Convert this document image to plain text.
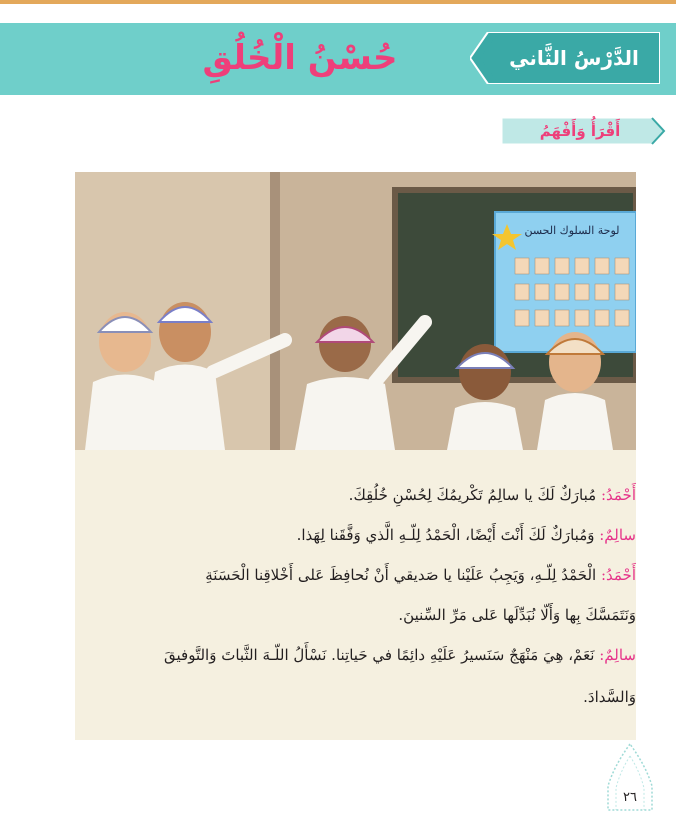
حُسْنُ الْخُلُقِ	الدَّرْسُ الثَّاني
أَقْرَأُ وَأَفْهَمُ
لوحة السلوك الحسن
أَحْمَدُ: مُبارَكٌ لَكَ يا سالِمُ تَكْريمُكَ لِحُسْنِ خُلُقِكَ.
سالِمٌ: وَمُبارَكٌ لَكَ أَنْتَ أَيْضًا، الْحَمْدُ لِلّـهِ الَّذي وَفَّقَنا لِهَذا.
أَحْمَدُ: الْحَمْدُ لِلّـهِ، وَيَجِبُ عَلَيْنا يا صَديقي أَنْ نُحافِظَ عَلى أَخْلاقِنا الْحَسَنَةِ
وَنَتَمَسَّكَ بِها وَأَلّا نُبَدِّلَها عَلى مَرِّ السِّنينَ.
سالِمٌ: نَعَمْ، هِيَ مَنْهَجٌ سَنَسيرُ عَلَيْهِ دائِمًا في حَياتِنا. نَسْأَلُ اللّـهَ الثَّباتَ وَالتَّوفيقَ
وَالسَّدادَ.
٢٦
